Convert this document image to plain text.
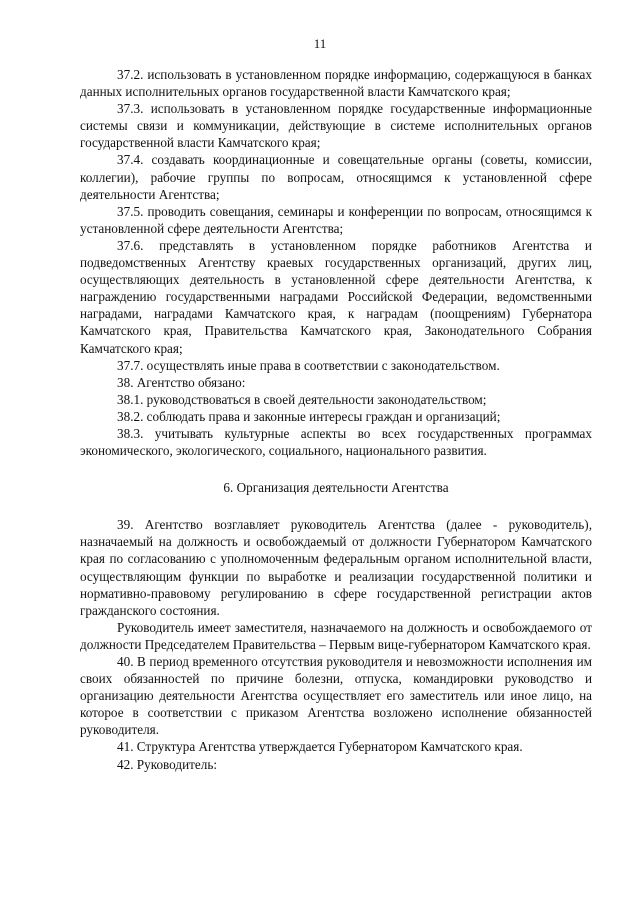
11

37.2. использовать в установленном порядке информацию, содержащуюся в банках данных исполнительных органов государственной власти Камчатского края;

37.3. использовать в установленном порядке государственные информационные системы связи и коммуникации, действующие в системе исполнительных органов государственной власти Камчатского края;

37.4. создавать координационные и совещательные органы (советы, комиссии, коллегии), рабочие группы по вопросам, относящимся к установленной сфере деятельности Агентства;

37.5. проводить совещания, семинары и конференции по вопросам, относящимся к установленной сфере деятельности Агентства;

37.6. представлять в установленном порядке работников Агентства и подведомственных Агентству краевых государственных организаций, других лиц, осуществляющих деятельность в установленной сфере деятельности Агентства, к награждению государственными наградами Российской Федерации, ведомственными наградами, наградами Камчатского края, к наградам (поощрениям) Губернатора Камчатского края, Правительства Камчатского края, Законодательного Собрания Камчатского края;

37.7. осуществлять иные права в соответствии с законодательством.

38. Агентство обязано:

38.1. руководствоваться в своей деятельности законодательством;

38.2. соблюдать права и законные интересы граждан и организаций;

38.3. учитывать культурные аспекты во всех государственных программах экономического, экологического, социального, национального развития.

6. Организация деятельности Агентства

39. Агентство возглавляет руководитель Агентства (далее - руководитель), назначаемый на должность и освобождаемый от должности Губернатором Камчатского края по согласованию с уполномоченным федеральным органом исполнительной власти, осуществляющим функции по выработке и реализации государственной политики и нормативно-правовому регулированию в сфере государственной регистрации актов гражданского состояния.

Руководитель имеет заместителя, назначаемого на должность и освобождаемого от должности Председателем Правительства – Первым вице-губернатором Камчатского края.

40. В период временного отсутствия руководителя и невозможности исполнения им своих обязанностей по причине болезни, отпуска, командировки руководство и организацию деятельности Агентства осуществляет его заместитель или иное лицо, на которое в соответствии с приказом Агентства возложено исполнение обязанностей руководителя.

41. Структура Агентства утверждается Губернатором Камчатского края.

42. Руководитель:
